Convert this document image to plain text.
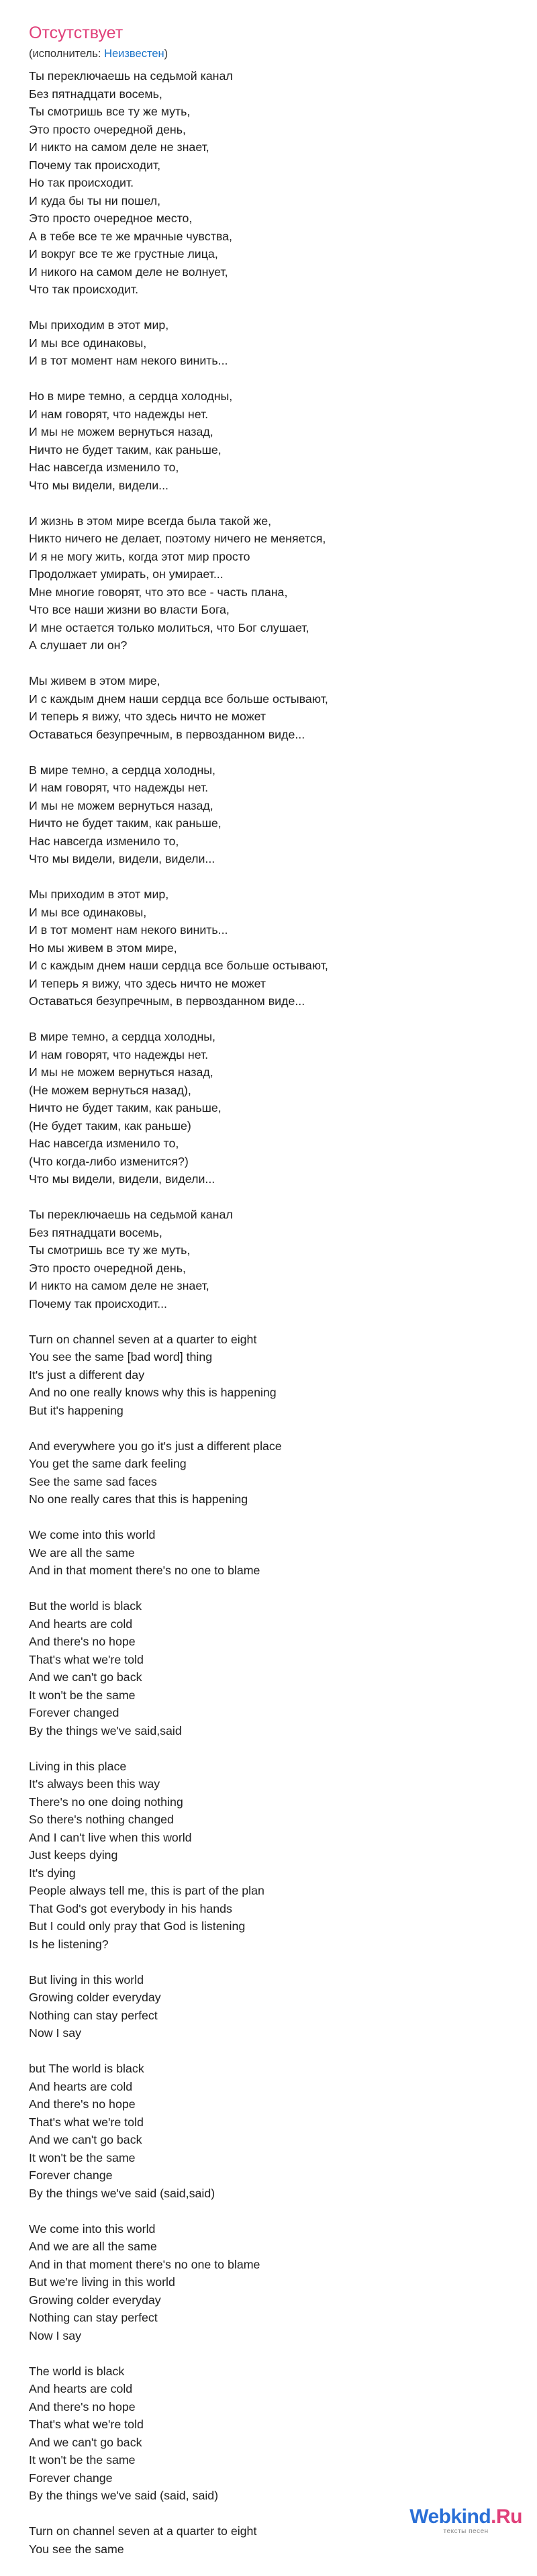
Отсутствует
(исполнитель: Неизвестен)
Ты переключаешь на седьмой канал
Без пятнадцати восемь,
Ты смотришь все ту же муть,
Это просто очередной день,
И никто на самом деле не знает,
Почему так происходит,
Но так происходит.
И куда бы ты ни пошел,
Это просто очередное место,
А в тебе все те же мрачные чувства,
И вокруг все те же грустные лица,
И никого на самом деле не волнует,
Что так происходит.
Мы приходим в этот мир,
И мы все одинаковы,
И в тот момент нам некого винить...
Но в мире темно, а сердца холодны,
И нам говорят, что надежды нет.
И мы не можем вернуться назад,
Ничто не будет таким, как раньше,
Нас навсегда изменило то,
Что мы видели, видели...
И жизнь в этом мире всегда была такой же,
Никто ничего не делает, поэтому ничего не меняется,
И я не могу жить, когда этот мир просто
Продолжает умирать, он умирает...
Мне многие говорят, что это все - часть плана,
Что все наши жизни во власти Бога,
И мне остается только молиться, что Бог слушает,
А слушает ли он?
Мы живем в этом мире,
И с каждым днем наши сердца все больше остывают,
И теперь я вижу, что здесь ничто не может
Оставаться безупречным, в первозданном виде...
В мире темно, а сердца холодны,
И нам говорят, что надежды нет.
И мы не можем вернуться назад,
Ничто не будет таким, как раньше,
Нас навсегда изменило то,
Что мы видели, видели, видели...
Мы приходим в этот мир,
И мы все одинаковы,
И в тот момент нам некого винить...
Но мы живем в этом мире,
И с каждым днем наши сердца все больше остывают,
И теперь я вижу, что здесь ничто не может
Оставаться безупречным, в первозданном виде...
В мире темно, а сердца холодны,
И нам говорят, что надежды нет.
И мы не можем вернуться назад,
(Не можем вернуться назад),
Ничто не будет таким, как раньше,
(Не будет таким, как раньше)
Нас навсегда изменило то,
(Что когда-либо изменится?)
Что мы видели, видели, видели...
Ты переключаешь на седьмой канал
Без пятнадцати восемь,
Ты смотришь все ту же муть,
Это просто очередной день,
И никто на самом деле не знает,
Почему так происходит...
Turn on channel seven at a quarter to eight
You see the same [bad word] thing
It's just a different day
And no one really knows why this is happening
But it's happening
And everywhere you go it's just a different place
You get the same dark feeling
See the same sad faces
No one really cares that this is happening
We come into this world
We are all the same
And in that moment there's no one to blame
But the world is black
And hearts are cold
And there's no hope
That's what we're told
And we can't go back
It won't be the same
Forever changed
By the things we've said,said
Living in this place
It's always been this way
There's no one doing nothing
So there's nothing changed
And I can't live when this world
Just keeps dying
It's dying
People always tell me, this is part of the plan
That God's got everybody in his hands
But I could only pray that God is listening
Is he listening?
But living in this world
Growing colder everyday
Nothing can stay perfect
Now I say
but The world is black
And hearts are cold
And there's no hope
That's what we're told
And we can't go back
It won't be the same
Forever change
By the things we've said (said,said)
We come into this world
And we are all the same
And in that moment there's no one to blame
But we're living in this world
Growing colder everyday
Nothing can stay perfect
Now I say
The world is black
And hearts are cold
And there's no hope
That's what we're told
And we can't go back
It won't be the same
Forever change
By the things we've said (said, said)
Turn on channel seven at a quarter to eight
You see the same
Webkind.Ru
тексты песен
